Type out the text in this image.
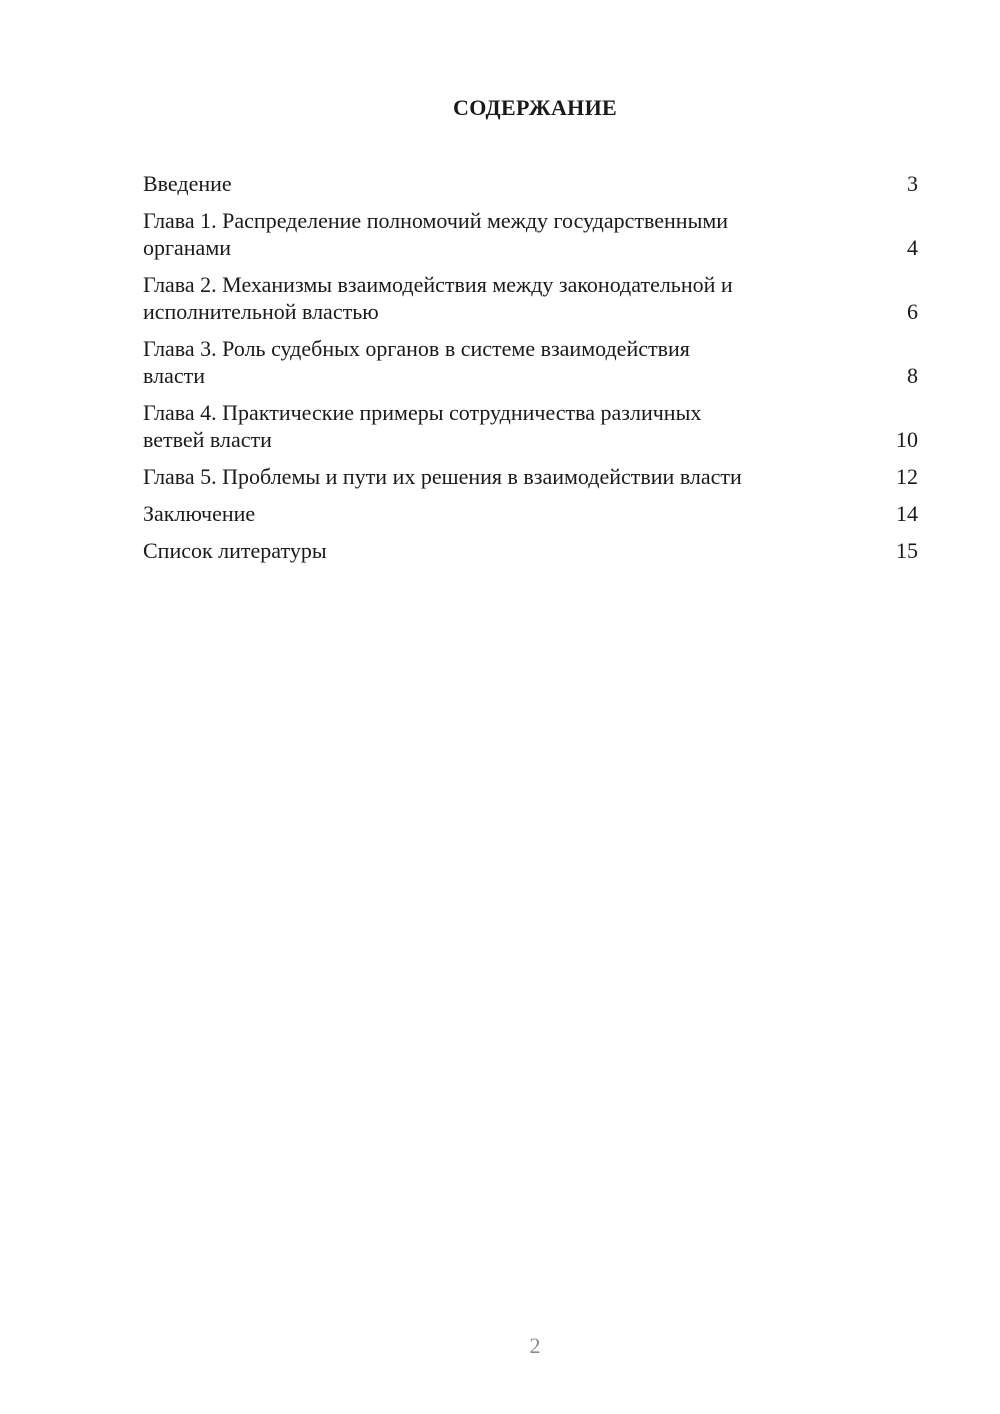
СОДЕРЖАНИЕ
Введение	3
Глава 1. Распределение полномочий между государственными
органами	4
Глава 2. Механизмы взаимодействия между законодательной и
исполнительной властью	6
Глава 3. Роль судебных органов в системе взаимодействия
власти	8
Глава 4. Практические примеры сотрудничества различных
ветвей власти	10
Глава 5. Проблемы и пути их решения в взаимодействии власти	12
Заключение	14
Список литературы	15
2
